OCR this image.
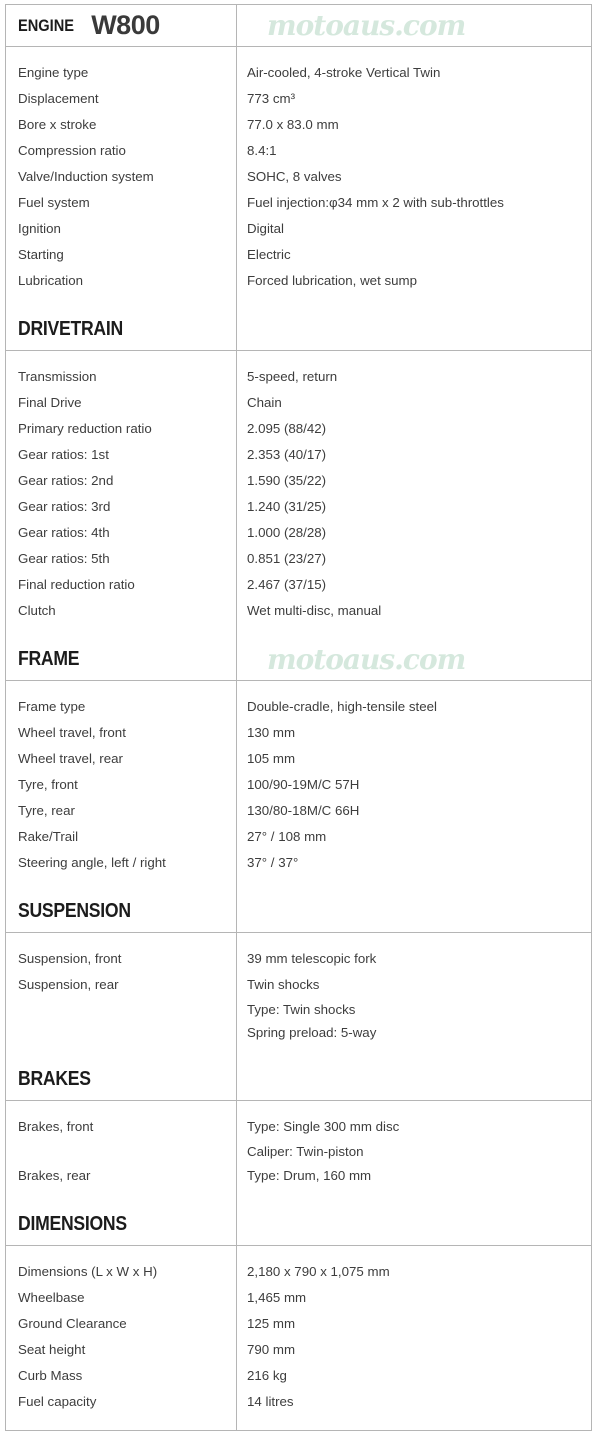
ENGINE W800	motoaus.com
Engine type
Displacement
Bore x stroke
Compression ratio
Valve/Induction system
Fuel system
Ignition
Starting
Lubrication
Air-cooled, 4-stroke Vertical Twin
773 cm³
77.0 x 83.0 mm
8.4:1
SOHC, 8 valves
Fuel injection:φ34 mm x 2 with sub-throttles
Digital
Electric
Forced lubrication, wet sump
DRIVETRAIN
Transmission
Final Drive
Primary reduction ratio
Gear ratios: 1st
Gear ratios: 2nd
Gear ratios: 3rd
Gear ratios: 4th
Gear ratios: 5th
Final reduction ratio
Clutch
5-speed, return
Chain
2.095 (88/42)
2.353 (40/17)
1.590 (35/22)
1.240 (31/25)
1.000 (28/28)
0.851 (23/27)
2.467 (37/15)
Wet multi-disc, manual
FRAME	motoaus.com
Frame type
Wheel travel, front
Wheel travel, rear
Tyre, front
Tyre, rear
Rake/Trail
Steering angle, left / right
Double-cradle, high-tensile steel
130 mm
105 mm
100/90-19M/C 57H
130/80-18M/C 66H
27° / 108 mm
37° / 37°
SUSPENSION
Suspension, front
Suspension, rear
39 mm telescopic fork
Twin shocks
Type: Twin shocks
Spring preload: 5-way
BRAKES
Brakes, front
Brakes, rear
Type: Single 300 mm disc
Caliper: Twin-piston
Type: Drum, 160 mm
DIMENSIONS
Dimensions (L x W x H)
Wheelbase
Ground Clearance
Seat height
Curb Mass
Fuel capacity
2,180 x 790 x 1,075 mm
1,465 mm
125 mm
790 mm
216 kg
14 litres
